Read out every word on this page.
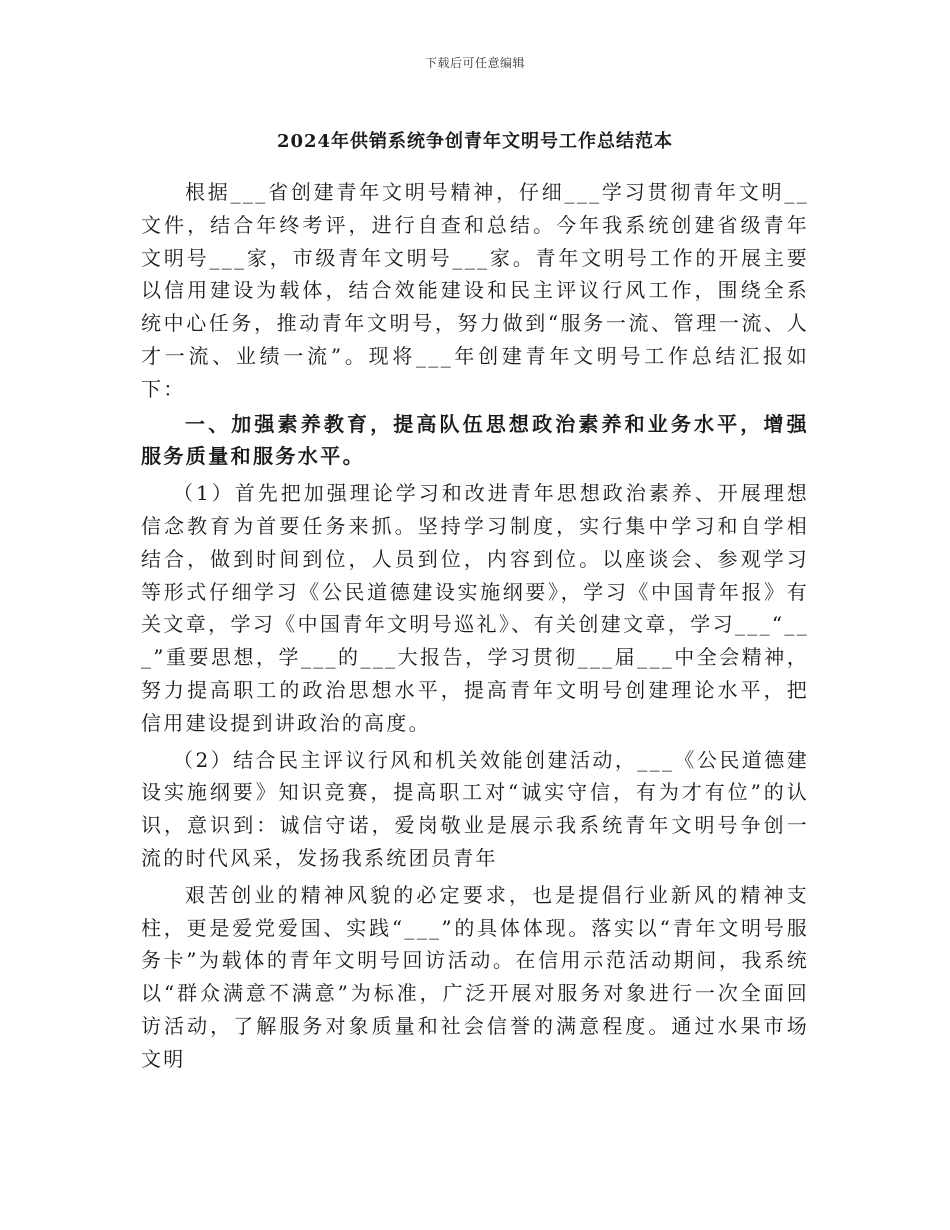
下载后可任意编辑
2024年供销系统争创青年文明号工作总结范本

根据___省创建青年文明号精神，仔细___学习贯彻青年文明__文件，结合年终考评，进行自查和总结。今年我系统创建省级青年文明号___家，市级青年文明号___家。青年文明号工作的开展主要以信用建设为载体，结合效能建设和民主评议行风工作，围绕全系统中心任务，推动青年文明号，努力做到“服务一流、管理一流、人才一流、业绩一流”。现将___年创建青年文明号工作总结汇报如下：

一、加强素养教育，提高队伍思想政治素养和业务水平，增强服务质量和服务水平。

（1）首先把加强理论学习和改进青年思想政治素养、开展理想信念教育为首要任务来抓。坚持学习制度，实行集中学习和自学相结合，做到时间到位，人员到位，内容到位。以座谈会、参观学习等形式仔细学习《公民道德建设实施纲要》，学习《中国青年报》有关文章，学习《中国青年文明号巡礼》、有关创建文章，学习___“___”重要思想，学___的___大报告，学习贯彻___届___中全会精神，努力提高职工的政治思想水平，提高青年文明号创建理论水平，把信用建设提到讲政治的高度。

（2）结合民主评议行风和机关效能创建活动，___《公民道德建设实施纲要》知识竞赛，提高职工对“诚实守信，有为才有位”的认识，意识到：诚信守诺，爱岗敬业是展示我系统青年文明号争创一流的时代风采，发扬我系统团员青年

艰苦创业的精神风貌的必定要求，也是提倡行业新风的精神支柱，更是爱党爱国、实践“___”的具体体现。落实以“青年文明号服务卡”为载体的青年文明号回访活动。在信用示范活动期间，我系统以“群众满意不满意”为标准，广泛开展对服务对象进行一次全面回访活动，了解服务对象质量和社会信誉的满意程度。通过水果市场文明
